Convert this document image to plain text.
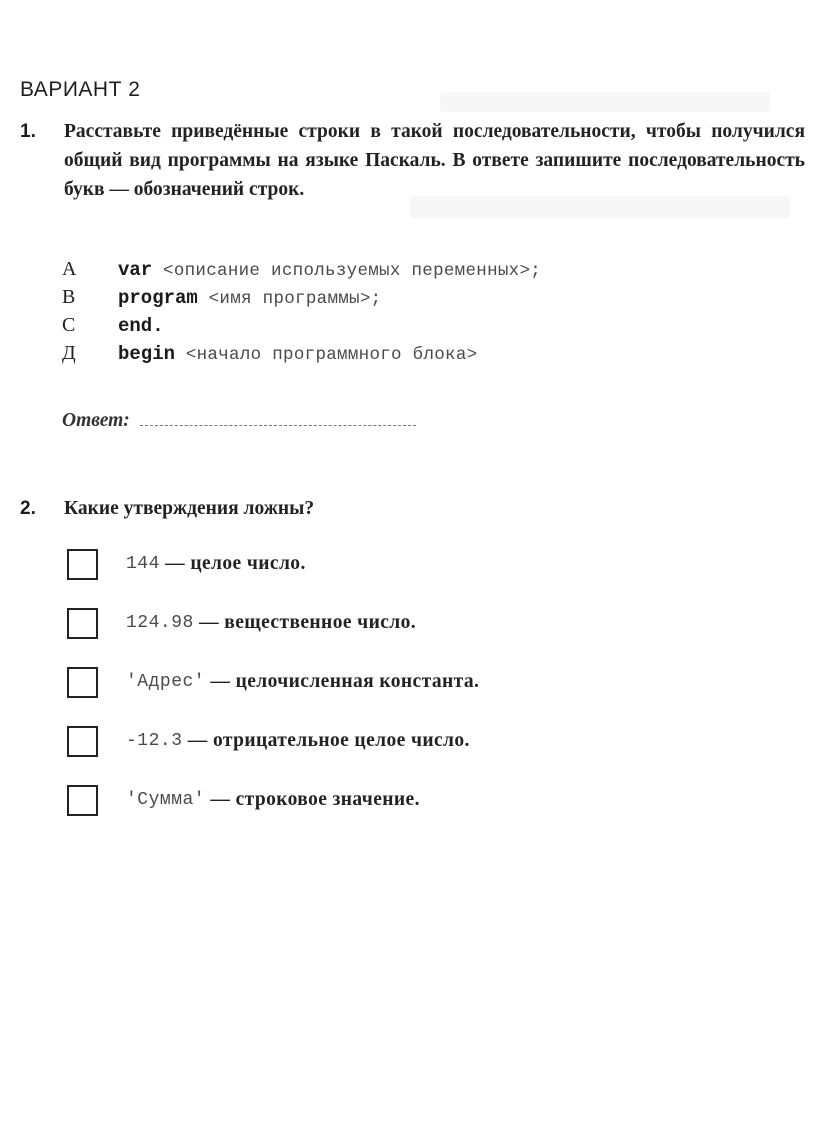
ВАРИАНТ 2
1. Расставьте приведённые строки в такой последовательности, чтобы получился общий вид программы на языке Паскаль. В ответе запишите последовательность букв — обозначений строк.
А	var <описание используемых переменных>;
В	program <имя программы>;
С	end.
Д	begin <начало программного блока>
Ответ:
2. Какие утверждения ложны?
144 — целое число.
124.98 — вещественное число.
'Адрес' — целочисленная константа.
-12.3 — отрицательное целое число.
'Сумма' — строковое значение.
